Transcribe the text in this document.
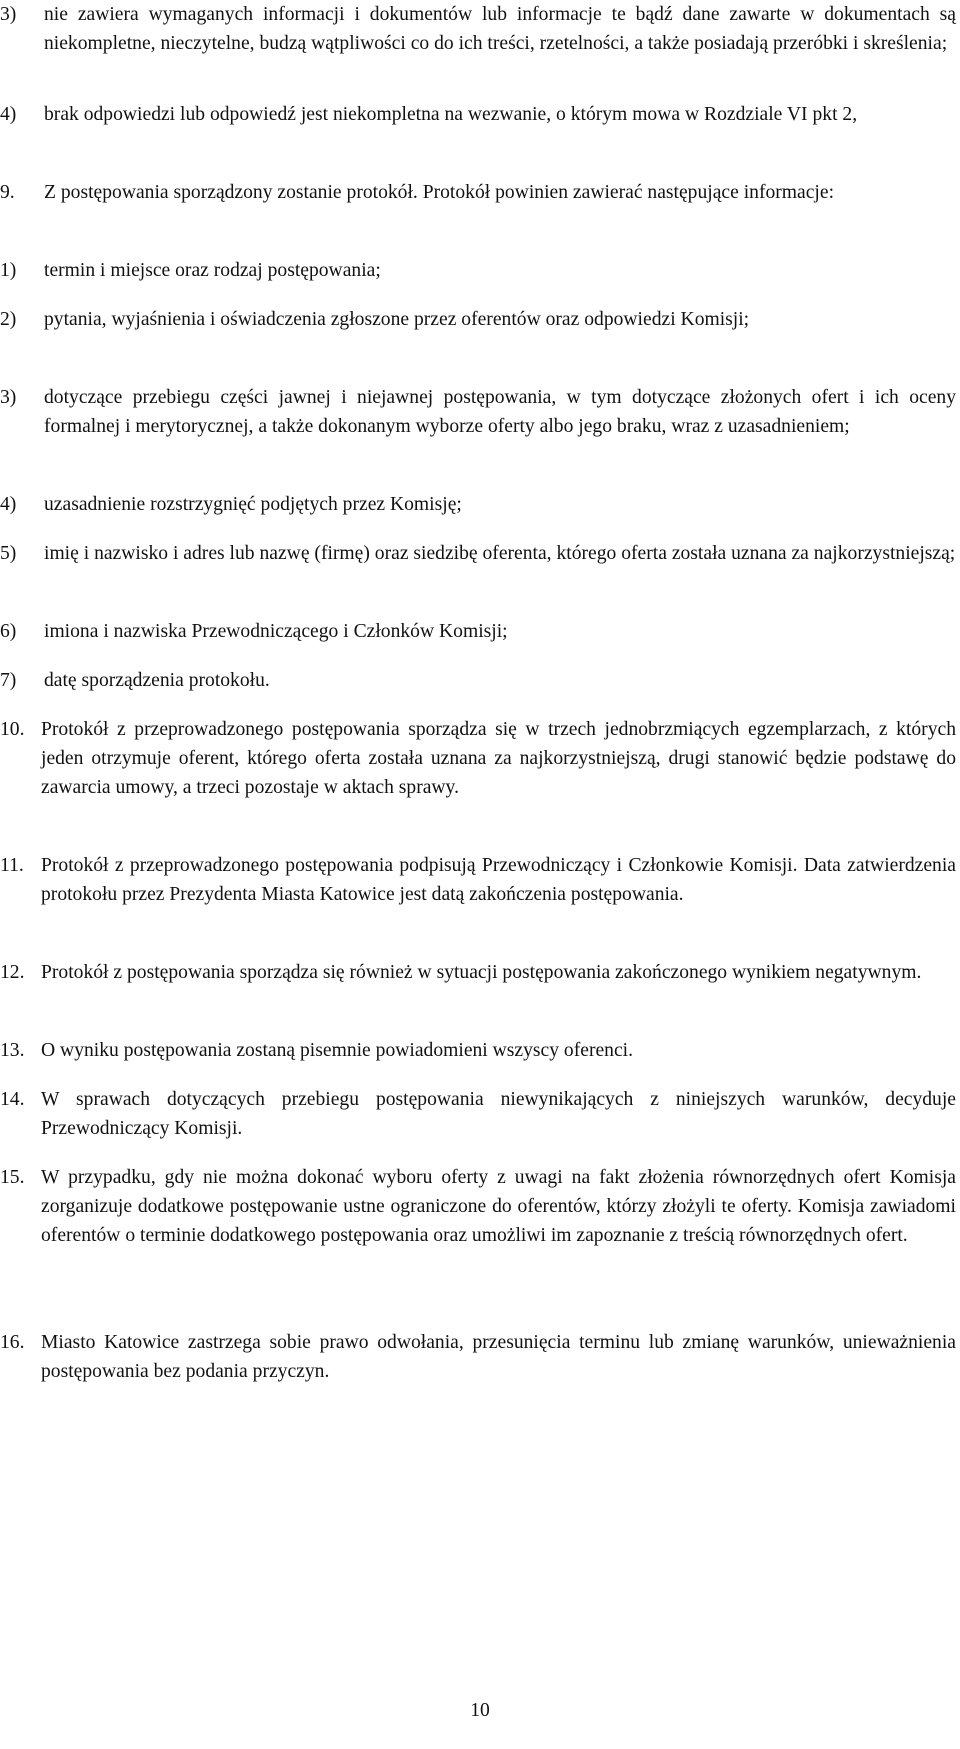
3)	nie zawiera wymaganych informacji i dokumentów lub informacje te bądź dane zawarte w dokumentach są niekompletne, nieczytelne, budzą wątpliwości co do ich treści, rzetelności, a także posiadają przeróbki i skreślenia;
4)	brak odpowiedzi lub odpowiedź jest niekompletna na wezwanie, o którym mowa w Rozdziale VI pkt 2,
9.	Z postępowania sporządzony zostanie protokół. Protokół powinien zawierać następujące informacje:
1)	termin i miejsce oraz rodzaj postępowania;
2)	pytania, wyjaśnienia i oświadczenia zgłoszone przez oferentów oraz odpowiedzi Komisji;
3)	dotyczące przebiegu części jawnej i niejawnej postępowania, w tym dotyczące złożonych ofert i ich oceny formalnej i merytorycznej, a także dokonanym wyborze oferty albo jego braku, wraz z uzasadnieniem;
4)	uzasadnienie rozstrzygnięć podjętych przez Komisję;
5)	imię i nazwisko i adres lub nazwę (firmę) oraz siedzibę oferenta, którego oferta została uznana za najkorzystniejszą;
6)	imiona i nazwiska Przewodniczącego i Członków Komisji;
7)	datę sporządzenia protokołu.
10. Protokół z przeprowadzonego postępowania sporządza się w trzech jednobrzmiących egzemplarzach, z których jeden otrzymuje oferent, którego oferta została uznana za najkorzystniejszą, drugi stanowić będzie podstawę do zawarcia umowy, a trzeci pozostaje w aktach sprawy.
11. Protokół z przeprowadzonego postępowania podpisują Przewodniczący i Członkowie Komisji. Data zatwierdzenia protokołu przez Prezydenta Miasta Katowice jest datą zakończenia postępowania.
12. Protokół z postępowania sporządza się również w sytuacji postępowania zakończonego wynikiem negatywnym.
13. O wyniku postępowania zostaną pisemnie powiadomieni wszyscy oferenci.
14. W sprawach dotyczących przebiegu postępowania niewynikających z niniejszych warunków, decyduje Przewodniczący Komisji.
15. W przypadku, gdy nie można dokonać wyboru oferty z uwagi na fakt złożenia równorzędnych ofert Komisja zorganizuje dodatkowe postępowanie ustne ograniczone do oferentów, którzy złożyli te oferty. Komisja zawiadomi oferentów o terminie dodatkowego postępowania oraz umożliwi im zapoznanie z treścią równorzędnych ofert.
16. Miasto Katowice zastrzega sobie prawo odwołania, przesunięcia terminu lub zmianę warunków, unieważnienia postępowania bez podania przyczyn.
10
